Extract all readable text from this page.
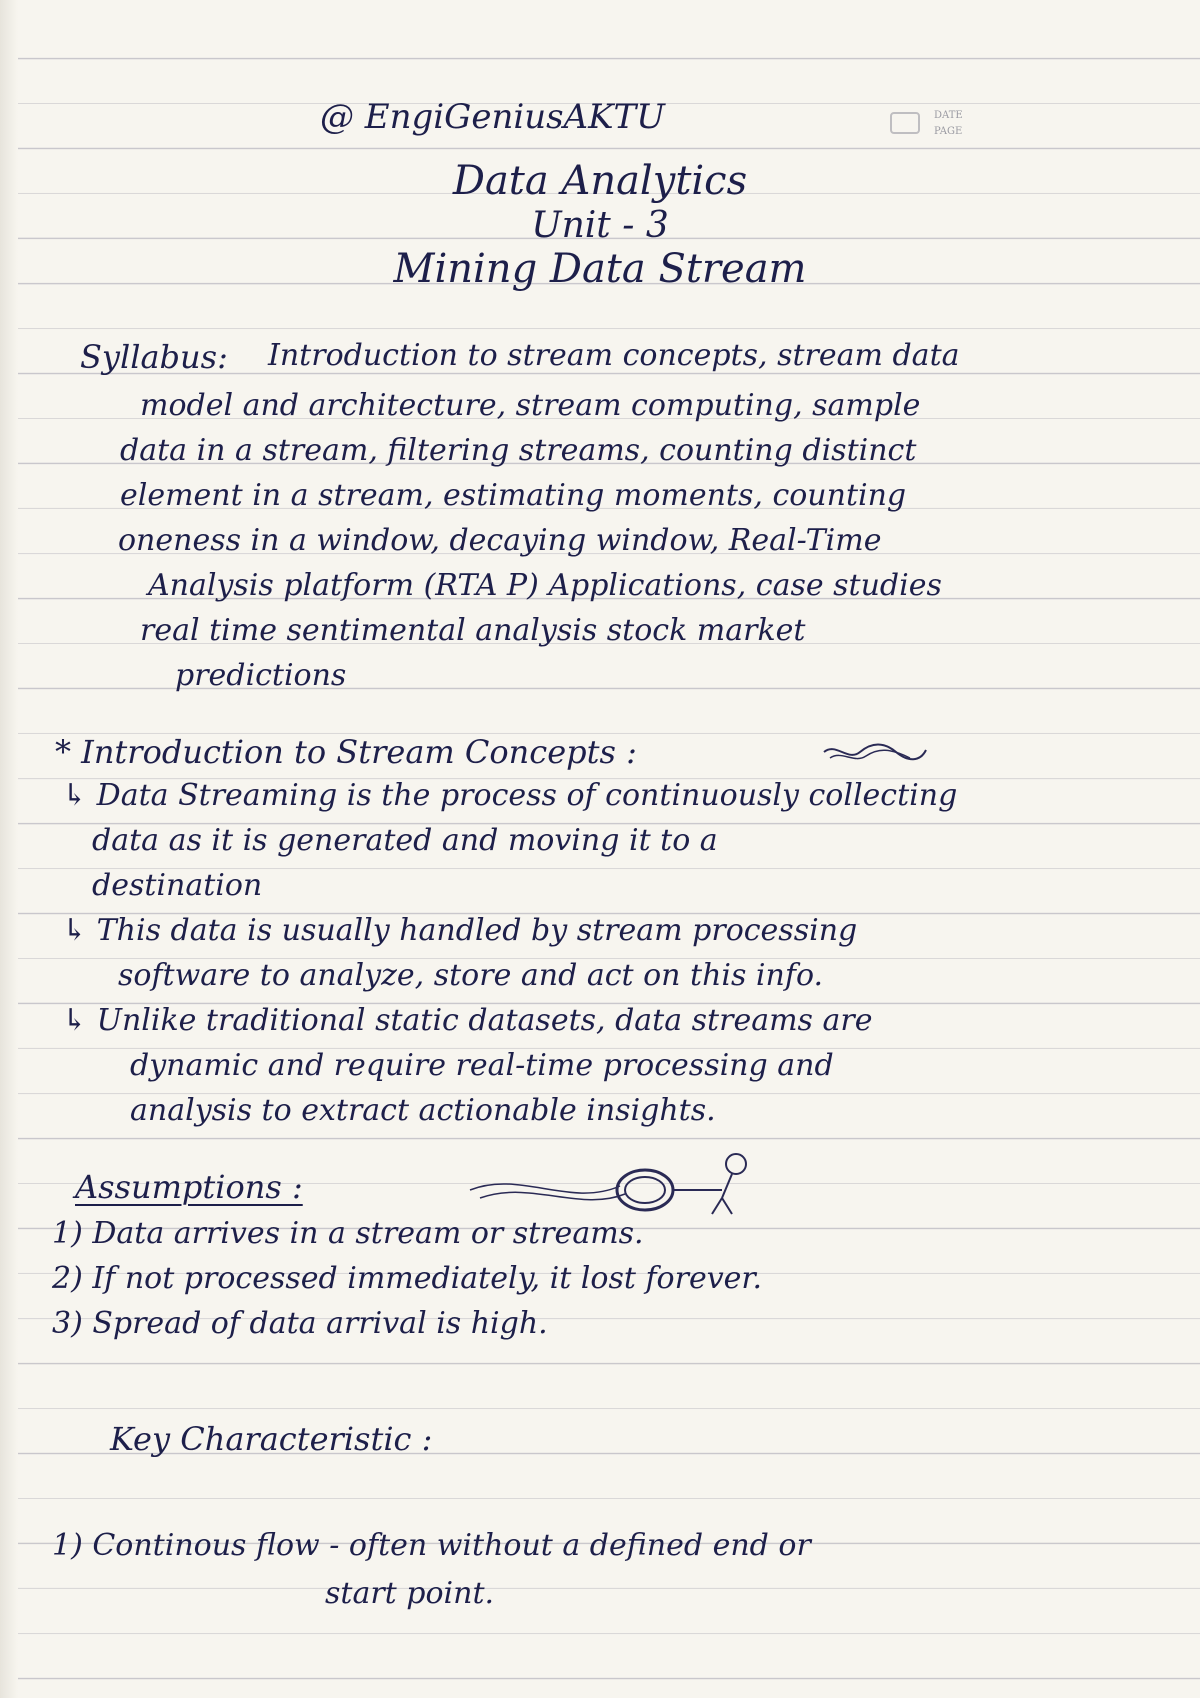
@ EngiGeniusAKTU	DATE
PAGE
Data Analytics
Unit - 3
Mining Data Stream
Syllabus: Introduction to stream concepts, stream data
model and architecture, stream computing, sample
data in a stream, filtering streams, counting distinct
element in a stream, estimating moments, counting
oneness in a window, decaying window, Real-Time
Analysis platform (RTA P) Applications, case studies
real time sentimental analysis stock market
predictions
* Introduction to Stream Concepts :
↳ Data Streaming is the process of continuously collecting
data as it is generated and moving it to a
destination
↳ This data is usually handled by stream processing
software to analyze, store and act on this info.
↳ Unlike traditional static datasets, data streams are
dynamic and require real-time processing and
analysis to extract actionable insights.
Assumptions :
1) Data arrives in a stream or streams.
2) If not processed immediately, it lost forever.
3) Spread of data arrival is high.
Key Characteristic :
1) Continous flow - often without a defined end or
start point.
